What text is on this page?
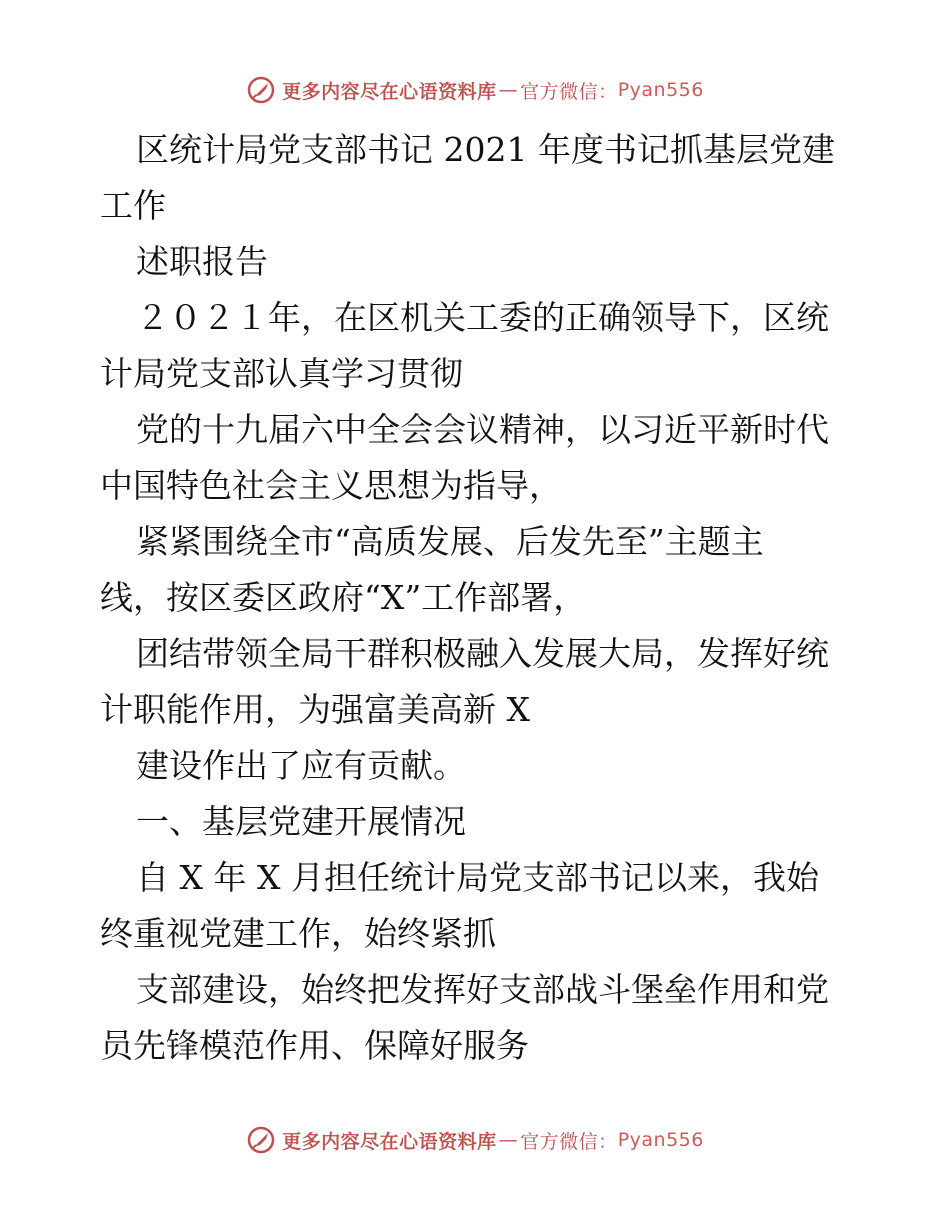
更多内容尽在心语资料库 — 官方微信： Pyan556
区统计局党支部书记 2021 年度书记抓基层党建
工作
述职报告
２０２１年，在区机关工委的正确领导下，区统
计局党支部认真学习贯彻
党的十九届六中全会会议精神，以习近平新时代
中国特色社会主义思想为指导，
紧紧围绕全市“高质发展、后发先至”主题主
线，按区委区政府“X”工作部署，
团结带领全局干群积极融入发展大局，发挥好统
计职能作用，为强富美高新 X
建设作出了应有贡献。
一、基层党建开展情况
自 X 年 X 月担任统计局党支部书记以来，我始
终重视党建工作，始终紧抓
支部建设，始终把发挥好支部战斗堡垒作用和党
员先锋模范作用、保障好服务
更多内容尽在心语资料库 — 官方微信： Pyan556
